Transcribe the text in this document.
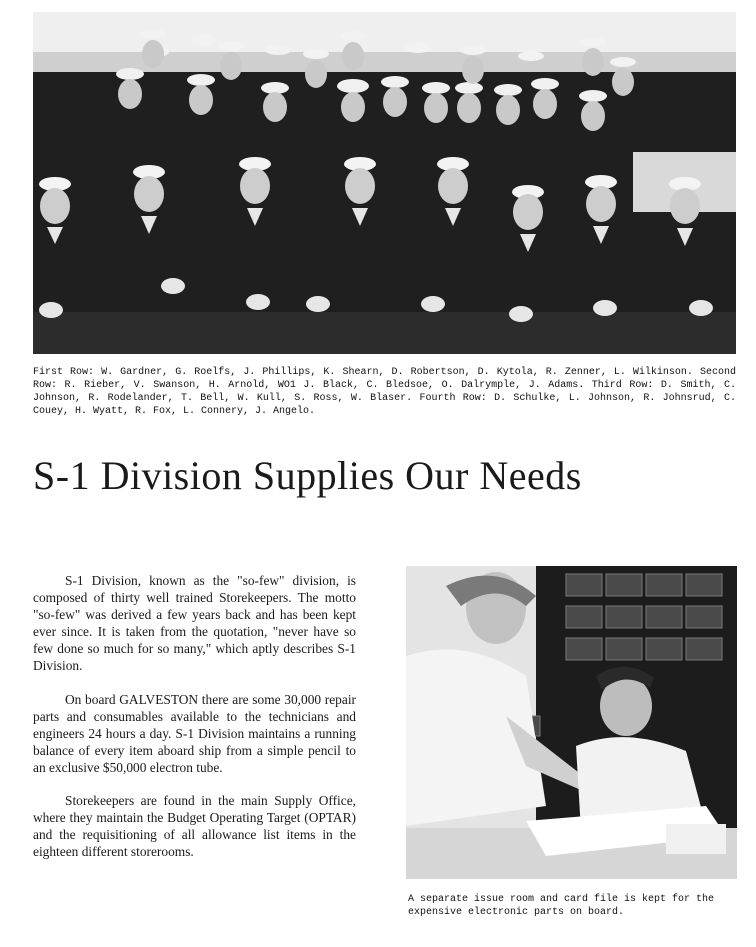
First Row: W. Gardner, G. Roelfs, J. Phillips, K. Shearn, D. Robertson, D. Kytola, R. Zenner, L. Wilkinson. Second Row: R. Rieber, V. Swanson, H. Arnold, WO1 J. Black, C. Bledsoe, O. Dalrymple, J. Adams. Third Row: D. Smith, C. Johnson, R. Rodelander, T. Bell, W. Kull, S. Ross, W. Blaser. Fourth Row: D. Schulke, L. Johnson, R. Johnsrud, C. Couey, H. Wyatt, R. Fox, L. Connery, J. Angelo.
S-1 Division Supplies Our Needs

S-1 Division, known as the "so-few" division, is composed of thirty well trained Storekeepers. The motto "so-few" was derived a few years back and has been kept ever since. It is taken from the quotation, "never have so few done so much for so many," which aptly describes S-1 Division.

On board GALVESTON there are some 30,000 repair parts and consumables available to the technicians and engineers 24 hours a day. S-1 Division maintains a running balance of every item aboard ship from a simple pencil to an exclusive $50,000 electron tube.

Storekeepers are found in the main Supply Office, where they maintain the Budget Operating Target (OPTAR) and the requisitioning of all allowance list items in the eighteen different storerooms.

A separate issue room and card file is kept for the expensive electronic parts on board.
